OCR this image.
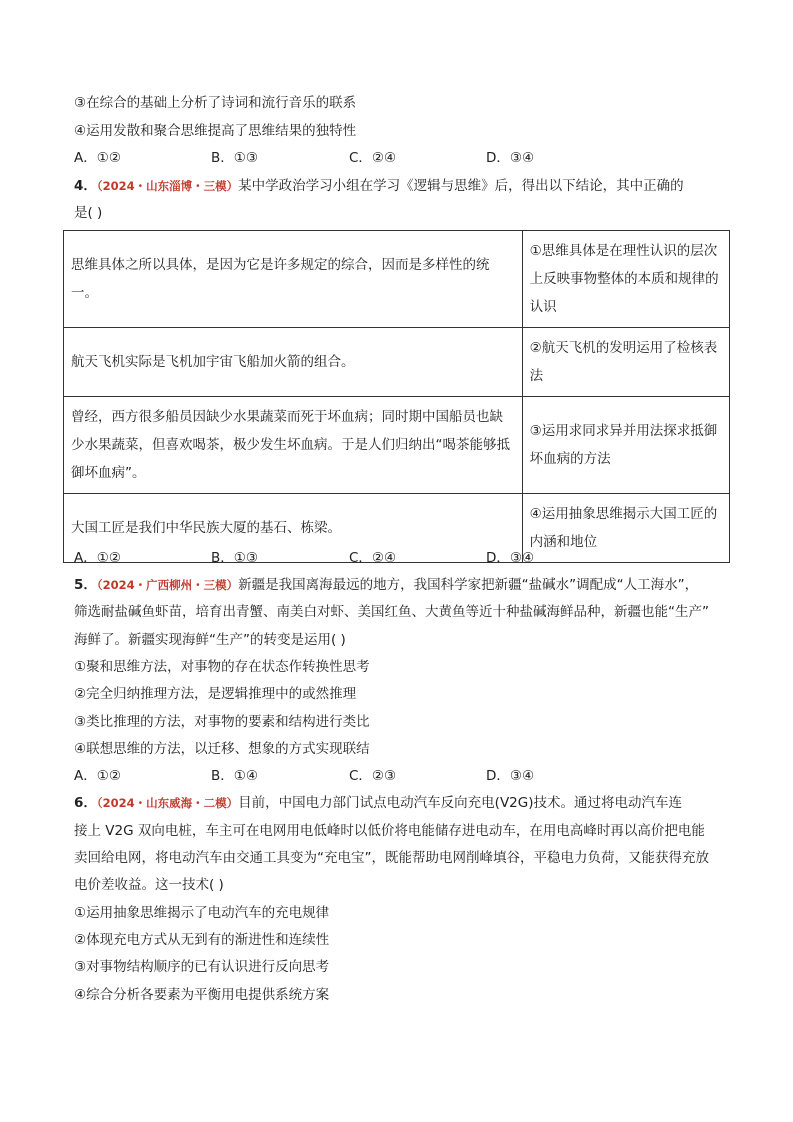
③在综合的基础上分析了诗词和流行音乐的联系
④运用发散和聚合思维提高了思维结果的独特性
A．①②	B．①③	C．②④	D．③④
4．（2024・山东淄博・三模）某中学政治学习小组在学习《逻辑与思维》后，得出以下结论，其中正确的
是( )
思维具体之所以具体，是因为它是许多规定的综合，因而是多样性的统一。	①思维具体是在理性认识的层次上反映事物整体的本质和规律的认识
航天飞机实际是飞机加宇宙飞船加火箭的组合。	②航天飞机的发明运用了检核表法
曾经，西方很多船员因缺少水果蔬菜而死于坏血病；同时期中国船员也缺少水果蔬菜，但喜欢喝茶，极少发生坏血病。于是人们归纳出“喝茶能够抵御坏血病”。	③运用求同求异并用法探求抵御坏血病的方法
大国工匠是我们中华民族大厦的基石、栋梁。	④运用抽象思维揭示大国工匠的内涵和地位
A．①②	B．①③	C．②④	D．③④
5．（2024・广西柳州・三模）新疆是我国离海最远的地方，我国科学家把新疆“盐碱水”调配成“人工海水”，
筛选耐盐碱鱼虾苗，培育出青蟹、南美白对虾、美国红鱼、大黄鱼等近十种盐碱海鲜品种，新疆也能“生产”
海鲜了。新疆实现海鲜“生产”的转变是运用( )
①聚和思维方法，对事物的存在状态作转换性思考
②完全归纳推理方法，是逻辑推理中的或然推理
③类比推理的方法，对事物的要素和结构进行类比
④联想思维的方法，以迁移、想象的方式实现联结
A．①②	B．①④	C．②③	D．③④
6．（2024・山东威海・二模）目前，中国电力部门试点电动汽车反向充电(V2G)技术。通过将电动汽车连
接上 V2G 双向电桩，车主可在电网用电低峰时以低价将电能储存进电动车，在用电高峰时再以高价把电能
卖回给电网，将电动汽车由交通工具变为“充电宝”，既能帮助电网削峰填谷，平稳电力负荷，又能获得充放
电价差收益。这一技术( )
①运用抽象思维揭示了电动汽车的充电规律
②体现充电方式从无到有的渐进性和连续性
③对事物结构顺序的已有认识进行反向思考
④综合分析各要素为平衡用电提供系统方案
